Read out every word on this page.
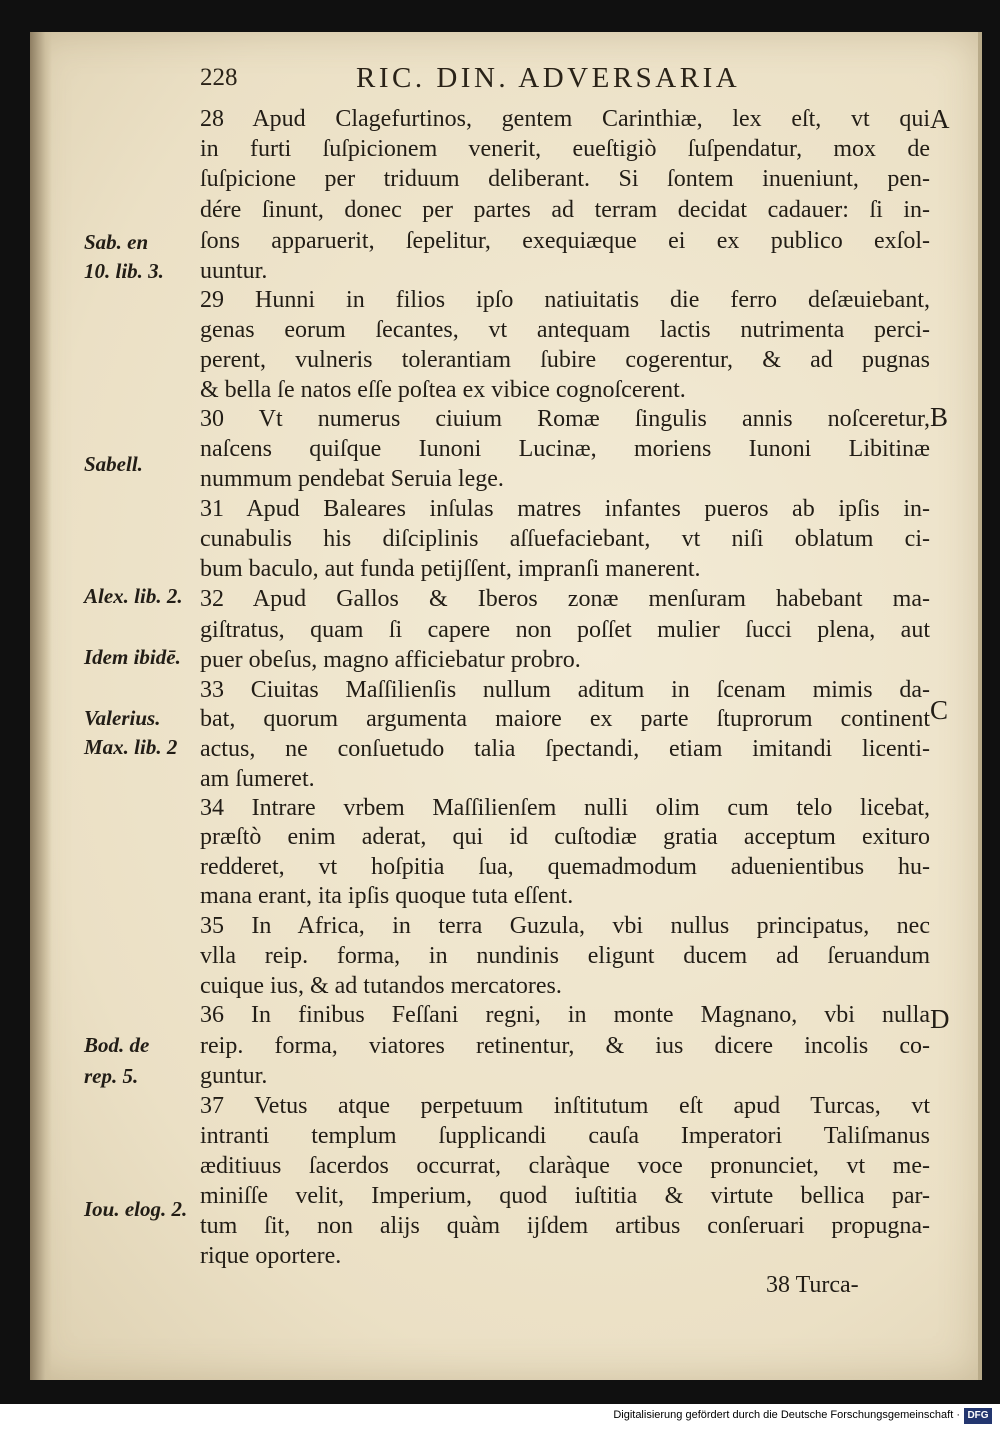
228	RIC. DIN. ADVERSARIA
28 Apud Clagefurtinos, gentem Carinthiæ, lex eſt, vt qui
in furti ſuſpicionem venerit, eueſtigiò ſuſpendatur, mox de
ſuſpicione per triduum deliberant. Si ſontem inueniunt, pen-
dére ſinunt, donec per partes ad terram decidat cadauer: ſi in-
ſons apparuerit, ſepelitur, exequiæque ei ex publico exſol-
uuntur.
29 Hunni in filios ipſo natiuitatis die ferro deſæuiebant,
genas eorum ſecantes, vt antequam lactis nutrimenta perci-
perent, vulneris tolerantiam ſubire cogerentur, & ad pugnas
& bella ſe natos eſſe poſtea ex vibice cognoſcerent.
30 Vt numerus ciuium Romæ ſingulis annis noſceretur,
naſcens quiſque Iunoni Lucinæ, moriens Iunoni Libitinæ
nummum pendebat Seruia lege.
31 Apud Baleares inſulas matres infantes pueros ab ipſis in-
cunabulis his diſciplinis aſſuefaciebant, vt niſi oblatum ci-
bum baculo, aut funda petijſſent, impranſi manerent.
32 Apud Gallos & Iberos zonæ menſuram habebant ma-
giſtratus, quam ſi capere non poſſet mulier ſucci plena, aut
puer obeſus, magno afficiebatur probro.
33 Ciuitas Maſſilienſis nullum aditum in ſcenam mimis da-
bat, quorum argumenta maiore ex parte ſtuprorum continent
actus, ne conſuetudo talia ſpectandi, etiam imitandi licenti-
am ſumeret.
34 Intrare vrbem Maſſilienſem nulli olim cum telo licebat,
præſtò enim aderat, qui id cuſtodiæ gratia acceptum exituro
redderet, vt hoſpitia ſua, quemadmodum aduenientibus hu-
mana erant, ita ipſis quoque tuta eſſent.
35 In Africa, in terra Guzula, vbi nullus principatus, nec
vlla reip. forma, in nundinis eligunt ducem ad ſeruandum
cuique ius, & ad tutandos mercatores.
36 In finibus Feſſani regni, in monte Magnano, vbi nulla
reip. forma, viatores retinentur, & ius dicere incolis co-
guntur.
37 Vetus atque perpetuum inſtitutum eſt apud Turcas, vt
intranti templum ſupplicandi cauſa Imperatori Taliſmanus
æditiuus ſacerdos occurrat, claràque voce pronunciet, vt me-
miniſſe velit, Imperium, quod iuſtitia & virtute bellica par-
tum ſit, non alijs quàm ijſdem artibus conſeruari propugna-
rique oportere.
Sab. en
10. lib. 3.
Sabell.
Alex. lib. 2.
Idem ibidē.
Valerius.
Max. lib. 2
Bod. de
rep. 5.
Iou. elog. 2.
A
B
C
D
38 Turca-
Digitalisierung gefördert durch die Deutsche Forschungsgemeinschaft · DFG
